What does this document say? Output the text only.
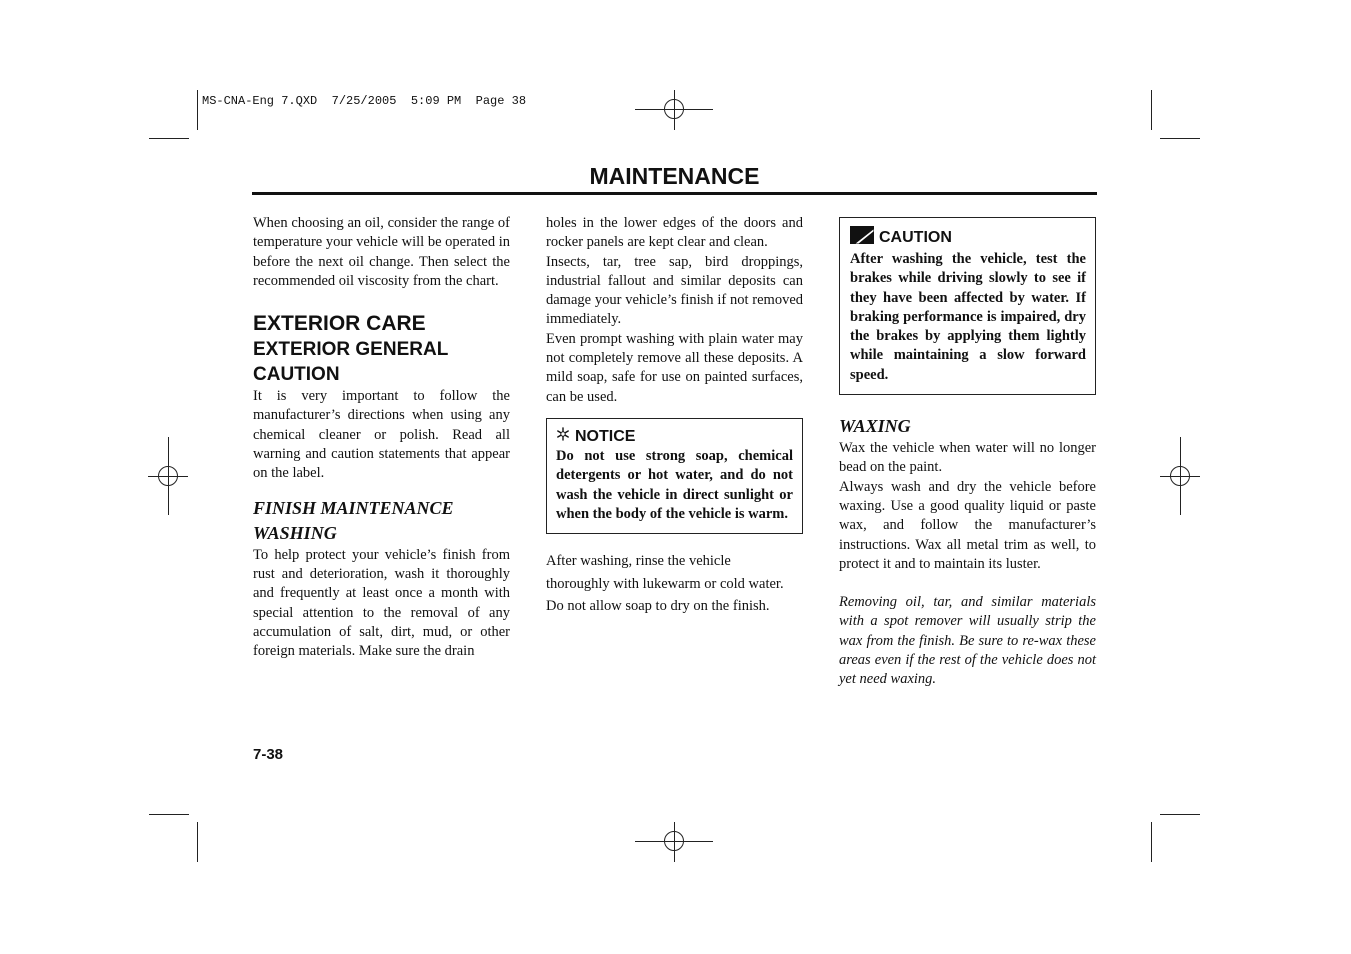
MS-CNA-Eng 7.QXD  7/25/2005  5:09 PM  Page 38
MAINTENANCE

When choosing an oil, consider the range of temperature your vehicle will be operated in before the next oil change. Then select the recommended oil viscosity from the chart.

EXTERIOR CARE
EXTERIOR GENERAL CAUTION

It is very important to follow the manufacturer’s directions when using any chemical cleaner or polish. Read all warning and caution statements that appear on the label.

FINISH MAINTENANCE
WASHING

To help protect your vehicle’s finish from rust and deterioration, wash it thoroughly and frequently at least once a month with special attention to the removal of any accumulation of salt, dirt, mud, or other foreign materials. Make sure the drain

holes in the lower edges of the doors and rocker panels are kept clear and clean.

Insects, tar, tree sap, bird droppings, industrial fallout and similar deposits can damage your vehicle’s finish if not removed immediately.

Even prompt washing with plain water may not completely remove all these deposits. A mild soap, safe for use on painted surfaces, can be used.

NOTICE

Do not use strong soap, chemical detergents or hot water, and do not wash the vehicle in direct sunlight or when the body of the vehicle is warm.

After washing, rinse the vehicle
thoroughly with lukewarm or cold water.
Do not allow soap to dry on the finish.
CAUTION

After washing the vehicle, test the brakes while driving slowly to see if they have been affected by water. If braking performance is impaired, dry the brakes by applying them lightly while maintaining a slow forward speed.

WAXING

Wax the vehicle when water will no longer bead on the paint.

Always wash and dry the vehicle before waxing. Use a good quality liquid or paste wax, and follow the manufacturer’s instructions. Wax all metal trim as well, to protect it and to maintain its luster.

Removing oil, tar, and similar materials with a spot remover will usually strip the wax from the finish. Be sure to re-wax these areas even if the rest of the vehicle does not yet need waxing.

7-38
